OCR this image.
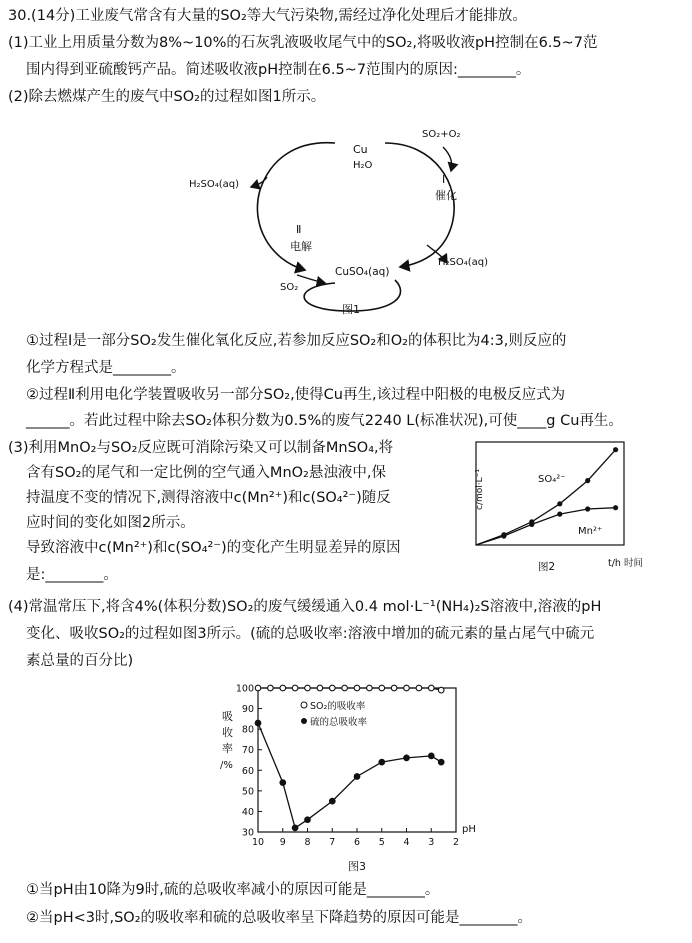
30.(14分)工业废气常含有大量的SO₂等大气污染物,需经过净化处理后才能排放。
(1)工业上用质量分数为8%~10%的石灰乳液吸收尾气中的SO₂,将吸收液pH控制在6.5~7范
围内得到亚硫酸钙产品。简述吸收液pH控制在6.5~7范围内的原因:________。
(2)除去燃煤产生的废气中SO₂的过程如图1所示。
①过程Ⅰ是一部分SO₂发生催化氧化反应,若参加反应SO₂和O₂的体积比为4:3,则反应的
化学方程式是________。
②过程Ⅱ利用电化学装置吸收另一部分SO₂,使得Cu再生,该过程中阳极的电极反应式为
______。若此过程中除去SO₂体积分数为0.5%的废气2240 L(标准状况),可使____g Cu再生。
(3)利用MnO₂与SO₂反应既可消除污染又可以制备MnSO₄,将
含有SO₂的尾气和一定比例的空气通入MnO₂悬浊液中,保
持温度不变的情况下,测得溶液中c(Mn²⁺)和c(SO₄²⁻)随反
应时间的变化如图2所示。
导致溶液中c(Mn²⁺)和c(SO₄²⁻)的变化产生明显差异的原因
是:________。
(4)常温常压下,将含4%(体积分数)SO₂的废气缓缓通入0.4 mol·L⁻¹(NH₄)₂S溶液中,溶液的pH
变化、吸收SO₂的过程如图3所示。(硫的总吸收率:溶液中增加的硫元素的量占尾气中硫元
素总量的百分比)
①当pH由10降为9时,硫的总吸收率减小的原因可能是________。
②当pH<3时,SO₂的吸收率和硫的总吸收率呈下降趋势的原因可能是________。
Cu
H₂O
SO₂+O₂
Ⅰ
催化
H₂SO₄(aq)
Ⅱ
电解
H₂SO₄(aq)
CuSO₄(aq)
SO₂
图1
c/mol·L⁻¹	SO₄²⁻
Mn²⁺
t/h 时间
图2
30
40
50
60
70
80
90
100
10 9 8 7 6 5 4 3 2
吸
收
率
/%
SO₂的吸收率
硫的总吸收率
pH
图3
